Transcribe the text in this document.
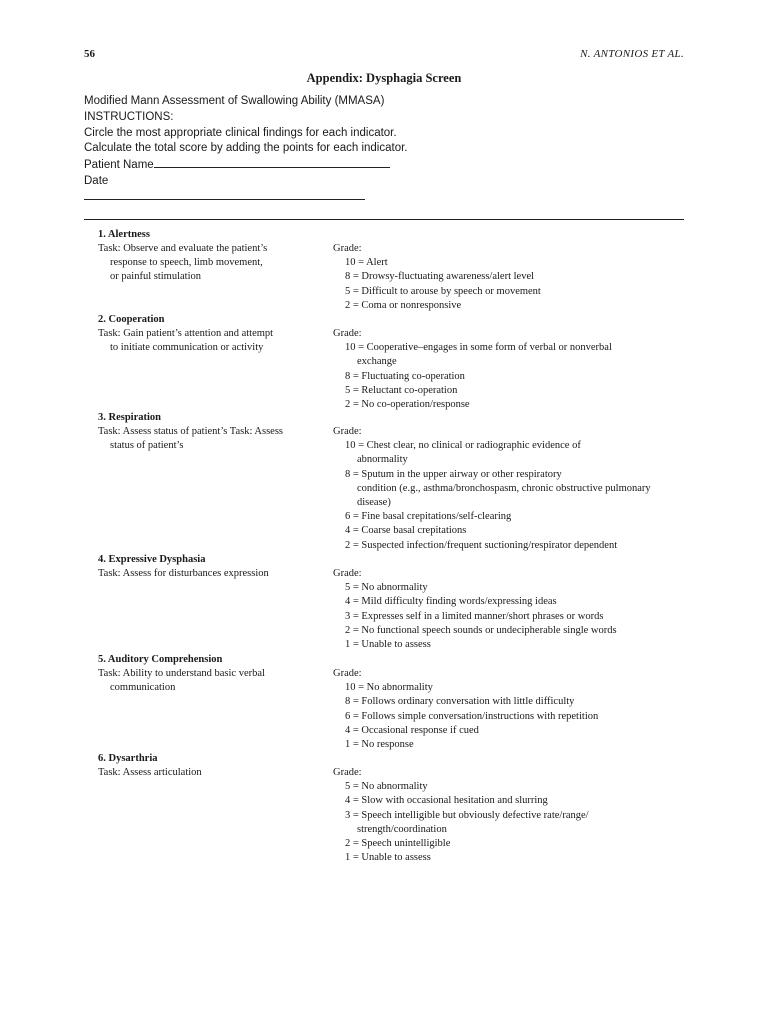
56	N. ANTONIOS ET AL.
Appendix: Dysphagia Screen
Modified Mann Assessment of Swallowing Ability (MMASA)
INSTRUCTIONS:
Circle the most appropriate clinical findings for each indicator.
Calculate the total score by adding the points for each indicator.
Patient Name
Date
1. Alertness
Task: Observe and evaluate the patient’s
response to speech, limb movement,
or painful stimulation
Grade:
10 = Alert
8 = Drowsy-fluctuating awareness/alert level
5 = Difficult to arouse by speech or movement
2 = Coma or nonresponsive
2. Cooperation
Task: Gain patient’s attention and attempt
to initiate communication or activity
Grade:
10 = Cooperative–engages in some form of verbal or nonverbal
exchange
8 = Fluctuating co-operation
5 = Reluctant co-operation
2 = No co-operation/response
3. Respiration
Task: Assess status of patient’s Task: Assess
status of patient’s
Grade:
10 = Chest clear, no clinical or radiographic evidence of
abnormality
8 = Sputum in the upper airway or other respiratory
condition (e.g., asthma/bronchospasm, chronic obstructive pulmonary
disease)
6 = Fine basal crepitations/self-clearing
4 = Coarse basal crepitations
2 = Suspected infection/frequent suctioning/respirator dependent
4. Expressive Dysphasia
Task: Assess for disturbances expression	Grade:
5 = No abnormality
4 = Mild difficulty finding words/expressing ideas
3 = Expresses self in a limited manner/short phrases or words
2 = No functional speech sounds or undecipherable single words
1 = Unable to assess
5. Auditory Comprehension
Task: Ability to understand basic verbal
communication
Grade:
10 = No abnormality
8 = Follows ordinary conversation with little difficulty
6 = Follows simple conversation/instructions with repetition
4 = Occasional response if cued
1 = No response
6. Dysarthria
Task: Assess articulation	Grade:
5 = No abnormality
4 = Slow with occasional hesitation and slurring
3 = Speech intelligible but obviously defective rate/range/
strength/coordination
2 = Speech unintelligible
1 = Unable to assess
